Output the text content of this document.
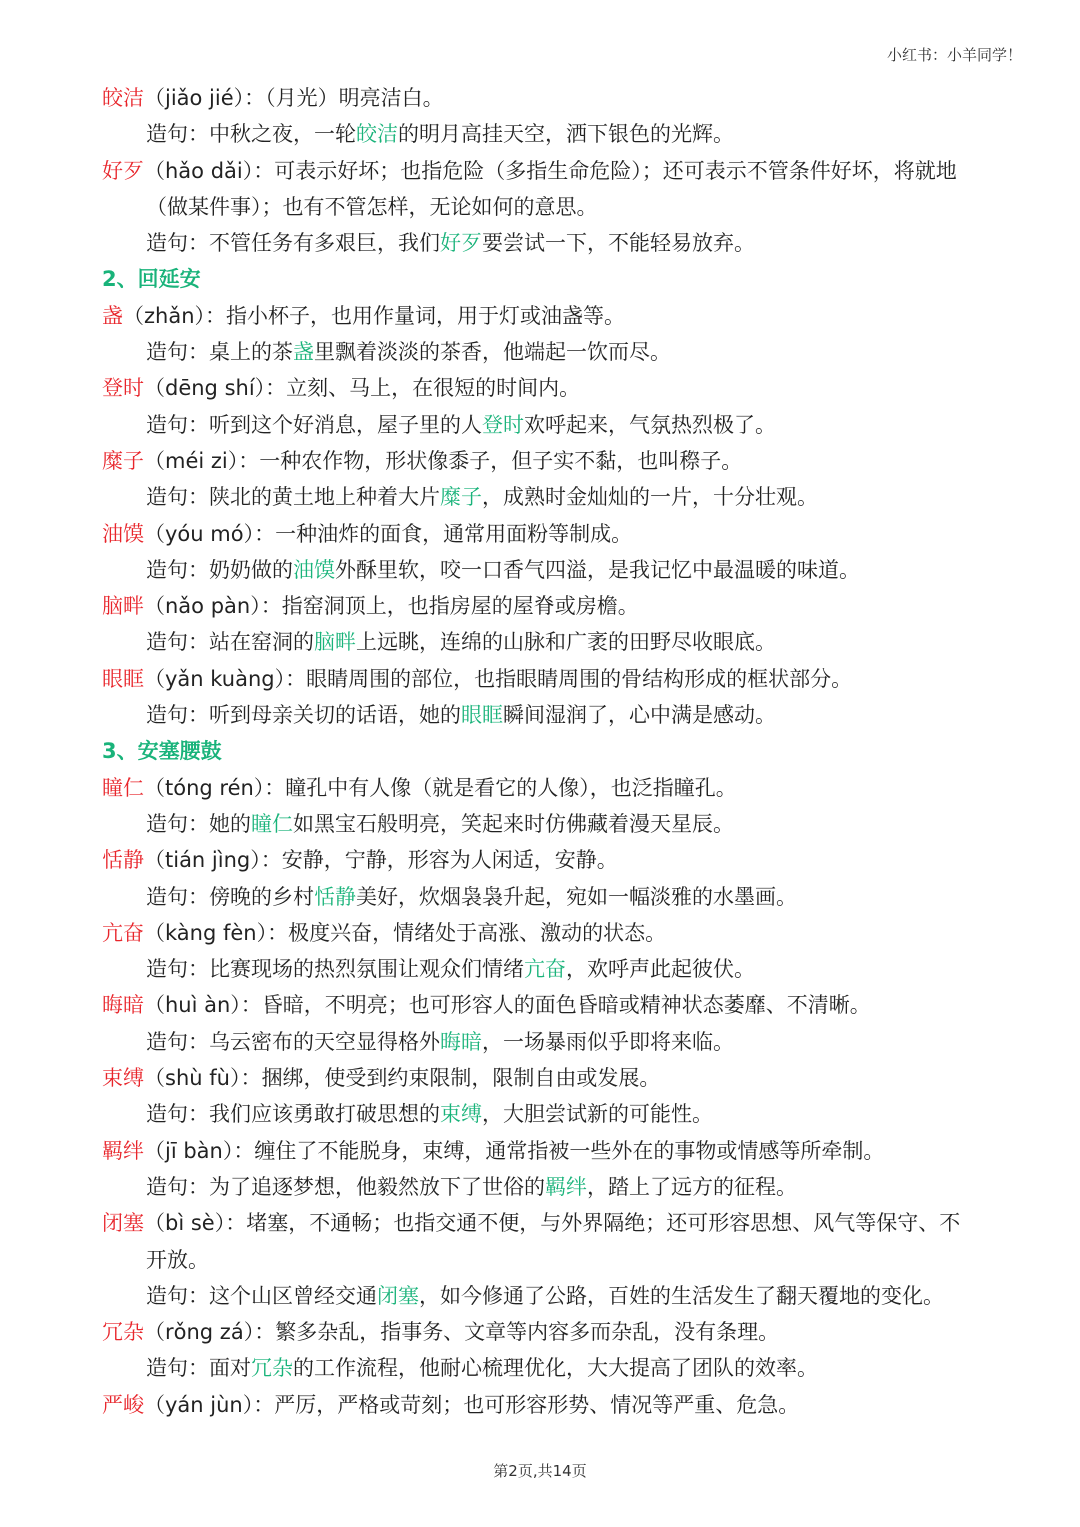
小红书：小羊同学！
皎洁（jiǎo jié）：（月光）明亮洁白。
造句：中秋之夜，一轮皎洁的明月高挂天空，洒下银色的光辉。
好歹（hǎo dǎi）：可表示好坏；也指危险（多指生命危险）；还可表示不管条件好坏，将就地
（做某件事）；也有不管怎样，无论如何的意思。
造句：不管任务有多艰巨，我们好歹要尝试一下，不能轻易放弃。
2、回延安
盏（zhǎn）：指小杯子，也用作量词，用于灯或油盏等。
造句：桌上的茶盏里飘着淡淡的茶香，他端起一饮而尽。
登时（dēng shí）：立刻、马上，在很短的时间内。
造句：听到这个好消息，屋子里的人登时欢呼起来，气氛热烈极了。
糜子（méi zi）：一种农作物，形状像黍子，但子实不黏，也叫穄子。
造句：陕北的黄土地上种着大片糜子，成熟时金灿灿的一片，十分壮观。
油馍（yóu mó）：一种油炸的面食，通常用面粉等制成。
造句：奶奶做的油馍外酥里软，咬一口香气四溢，是我记忆中最温暖的味道。
脑畔（nǎo pàn）：指窑洞顶上，也指房屋的屋脊或房檐。
造句：站在窑洞的脑畔上远眺，连绵的山脉和广袤的田野尽收眼底。
眼眶（yǎn kuàng）：眼睛周围的部位，也指眼睛周围的骨结构形成的框状部分。
造句：听到母亲关切的话语，她的眼眶瞬间湿润了，心中满是感动。
3、安塞腰鼓
瞳仁（tóng rén）：瞳孔中有人像（就是看它的人像），也泛指瞳孔。
造句：她的瞳仁如黑宝石般明亮，笑起来时仿佛藏着漫天星辰。
恬静（tián jìng）：安静，宁静，形容为人闲适，安静。
造句：傍晚的乡村恬静美好，炊烟袅袅升起，宛如一幅淡雅的水墨画。
亢奋（kàng fèn）：极度兴奋，情绪处于高涨、激动的状态。
造句：比赛现场的热烈氛围让观众们情绪亢奋，欢呼声此起彼伏。
晦暗（huì àn）：昏暗，不明亮；也可形容人的面色昏暗或精神状态萎靡、不清晰。
造句：乌云密布的天空显得格外晦暗，一场暴雨似乎即将来临。
束缚（shù fù）：捆绑，使受到约束限制，限制自由或发展。
造句：我们应该勇敢打破思想的束缚，大胆尝试新的可能性。
羁绊（jī bàn）：缠住了不能脱身，束缚，通常指被一些外在的事物或情感等所牵制。
造句：为了追逐梦想，他毅然放下了世俗的羁绊，踏上了远方的征程。
闭塞（bì sè）：堵塞，不通畅；也指交通不便，与外界隔绝；还可形容思想、风气等保守、不
开放。
造句：这个山区曾经交通闭塞，如今修通了公路，百姓的生活发生了翻天覆地的变化。
冗杂（rǒng zá）：繁多杂乱，指事务、文章等内容多而杂乱，没有条理。
造句：面对冗杂的工作流程，他耐心梳理优化，大大提高了团队的效率。
严峻（yán jùn）：严厉，严格或苛刻；也可形容形势、情况等严重、危急。
第2页,共14页
